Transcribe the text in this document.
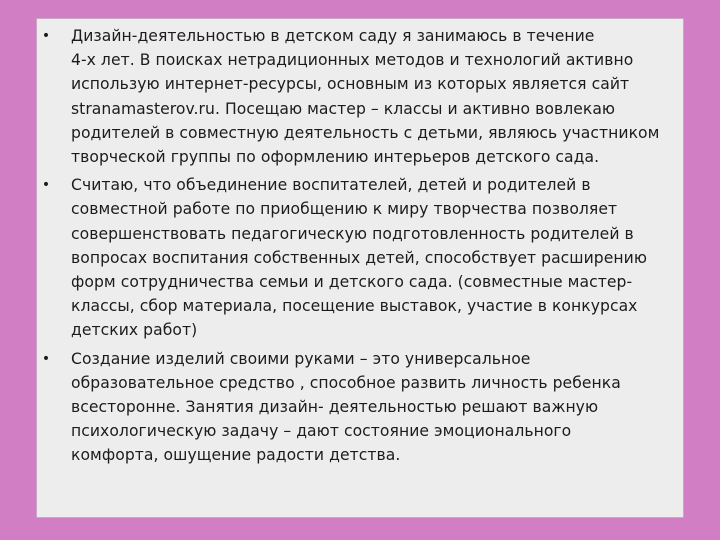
•	Дизайн-деятельностью в детском саду я занимаюсь в течение
4-х лет. В поисках нетрадиционных методов и технологий активно
использую интернет-ресурсы, основным из которых является сайт
stranamasterov.ru. Посещаю мастер – классы и активно вовлекаю
родителей в совместную деятельность с детьми, являюсь участником
творческой группы по оформлению интерьеров детского сада.
•	Считаю, что объединение воспитателей, детей и родителей в
совместной работе по приобщению к миру творчества позволяет
совершенствовать педагогическую подготовленность родителей в
вопросах воспитания собственных детей, способствует расширению
форм сотрудничества семьи и детского сада. (совместные мастер-
классы, сбор материала, посещение выставок, участие в конкурсах
детских работ)
•	Создание изделий своими руками – это универсальное
образовательное средство , способное развить личность ребенка
всесторонне. Занятия дизайн- деятельностью решают важную
психологическую задачу – дают состояние эмоционального
комфорта, ошущение радости детства.
